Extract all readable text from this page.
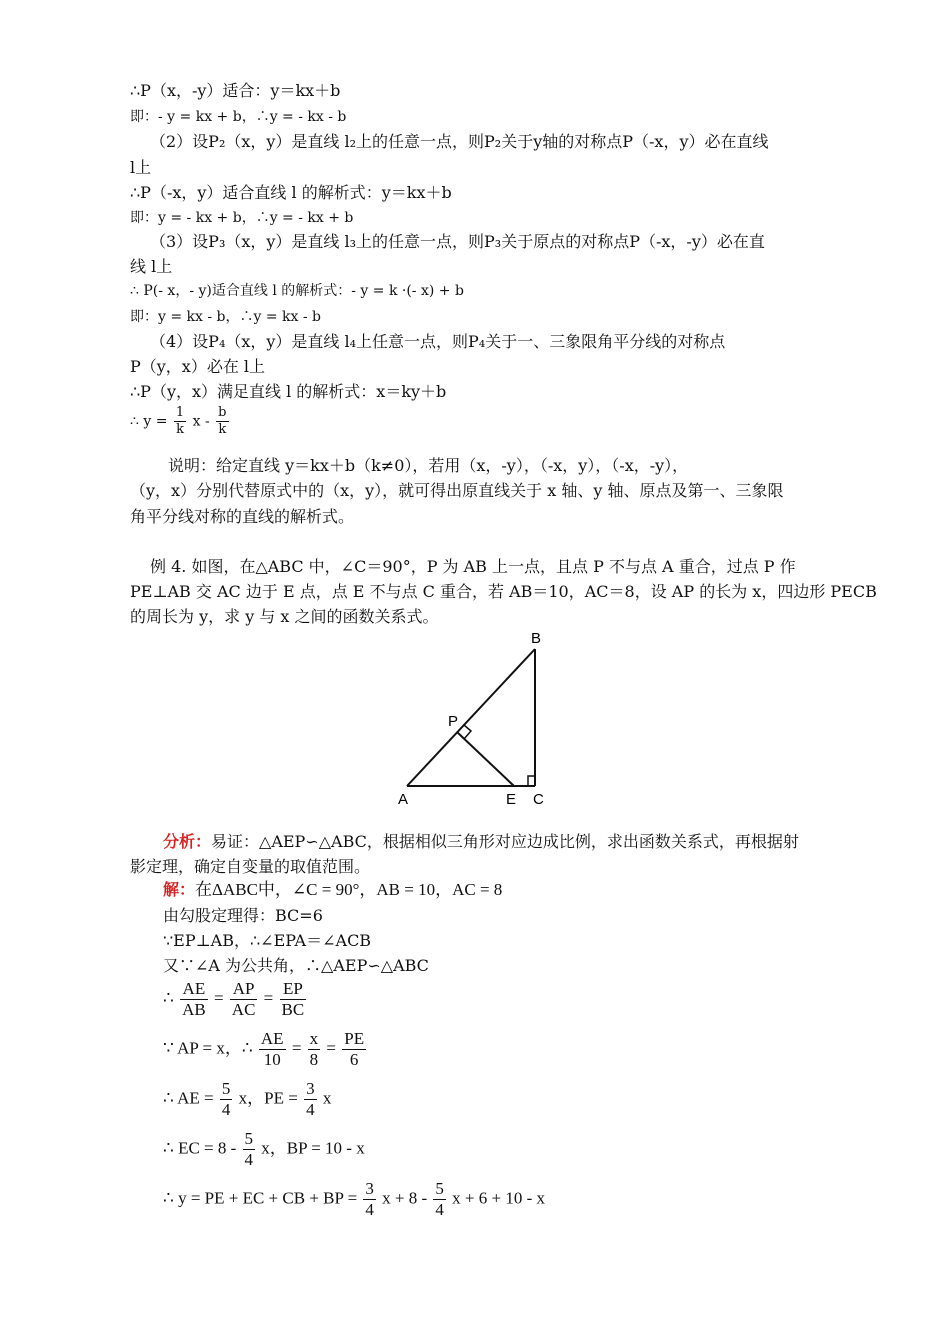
∴P（x，-y）适合：y＝kx＋b
即：- y = kx + b，∴y = - kx - b
（2）设P₂（x，y）是直线 l₂上的任意一点，则P₂关于y轴的对称点P（-x，y）必在直线
l上
∴P（-x，y）适合直线 l 的解析式：y＝kx＋b
即：y = - kx + b，∴y = - kx + b
（3）设P₃（x，y）是直线 l₃上的任意一点，则P₃关于原点的对称点P（-x，-y）必在直
线 l上
∴ P(- x，- y)适合直线 l 的解析式：- y = k ·(- x) + b
即：y = kx - b，∴y = kx - b
（4）设P₄（x，y）是直线 l₄上任意一点，则P₄关于一、三象限角平分线的对称点
P（y，x）必在 l上
∴P（y，x）满足直线 l 的解析式：x＝ky＋b
∴ $y = \frac{1}{k}$ x - $\frac{b}{k}$
说明：给定直线 y＝kx＋b（k≠0），若用（x，-y），（-x，y），（-x，-y），
（y，x）分别代替原式中的（x，y），就可得出原直线关于 x 轴、y 轴、原点及第一、三象限
角平分线对称的直线的解析式。
例 4. 如图，在△ABC 中，∠C＝90°，P 为 AB 上一点，且点 P 不与点 A 重合，过点 P 作
PE⊥AB 交 AC 边于 E 点，点 E 不与点 C 重合，若 AB＝10，AC＝8，设 AP 的长为 x，四边形 PECB
的周长为 y，求 y 与 x 之间的函数关系式。
A
B
C
P
E
分析：易证：△AEP∽△ABC，根据相似三角形对应边成比例，求出函数关系式，再根据射
影定理，确定自变量的取值范围。
解：在ΔABC中，∠C = 90°，AB = 10，AC = 8
由勾股定理得：BC=6
∵EP⊥AB，∴∠EPA＝∠ACB
又∵∠A 为公共角，∴△AEP∽△ABC
∴ $\frac{AE}{AB} = \frac{AP}{AC} = \frac{EP}{BC}$
∵ AP = x，∴ $\frac{AE}{10} = \frac{x}{8} = \frac{PE}{6}$
∴ AE = $\frac{5}{4}$ x，PE = $\frac{3}{4}$ x
∴ EC = $8 - \frac{5}{4}$ x，BP = 10 - x
∴ y = PE + EC + CB + BP = $\frac{3}{4}$ $x + 8 - \frac{5}{4}$ x + 6 + 10 - x
